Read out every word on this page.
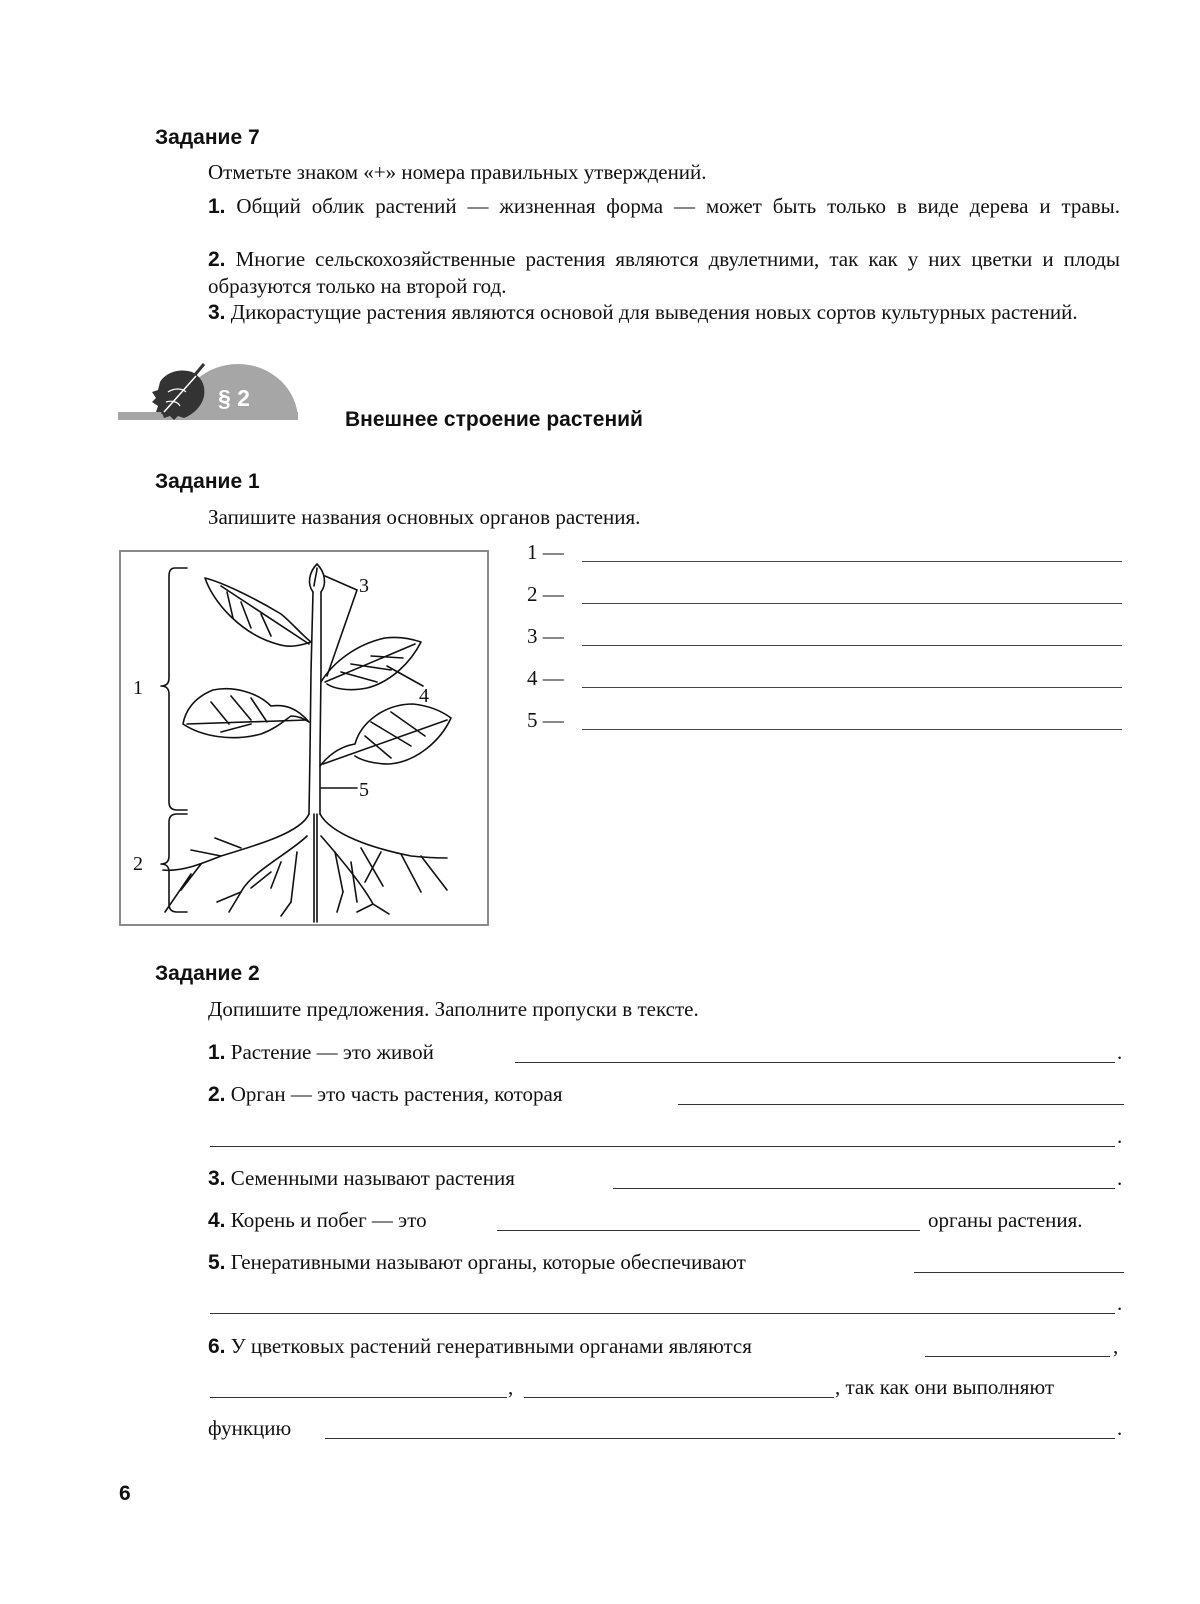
Задание 7
Отметьте знаком «+» номера правильных утверждений.
1. Общий облик растений — жизненная форма — может быть только в виде дерева и травы.
2. Многие сельскохозяйственные растения являются двулетними, так как у них цветки и плоды образуются только на второй год.
3. Дикорастущие растения являются основой для выведения новых сортов культурных растений.
§ 2
Внешнее строение растений
Задание 1
Запишите названия основных органов растения.
3
4
5
1
2
1 —
2 —
3 —
4 —
5 —
Задание 2
Допишите предложения. Заполните пропуски в тексте.
1. Растение — это живой	.
2. Орган — это часть растения, которая
.
3. Семенными называют растения	.
4. Корень и побег — это	органы растения.
5. Генеративными называют органы, которые обеспечивают
.
6. У цветковых растений генеративными органами являются	,
,	, так как они выполняют
функцию	.
6
